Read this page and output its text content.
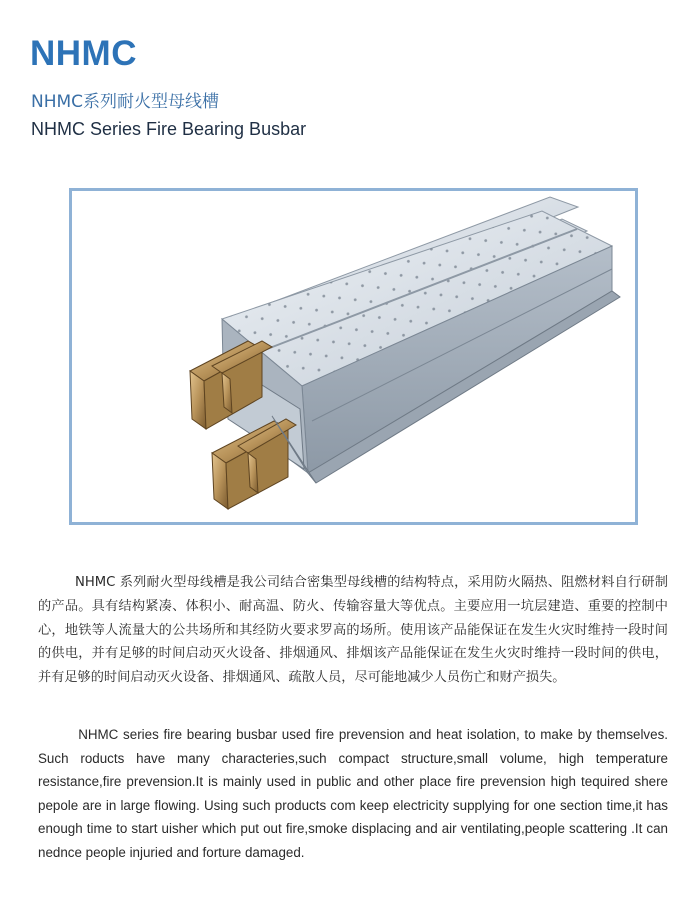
NHMC
NHMC系列耐火型母线槽
NHMC Series Fire Bearing Busbar

NHMC 系列耐火型母线槽是我公司结合密集型母线槽的结构特点，采用防火隔热、阻燃材料自行研制的产品。具有结构紧凑、体积小、耐高温、防火、传输容量大等优点。主要应用一坑层建造、重要的控制中心，地铁等人流量大的公共场所和其经防火要求罗高的场所。使用该产品能保证在发生火灾时维持一段时间的供电，并有足够的时间启动灭火设备、排烟通风、排烟该产品能保证在发生火灾时维持一段时间的供电，并有足够的时间启动灭火设备、排烟通风、疏散人员，尽可能地减少人员伤亡和财产损失。

NHMC series fire bearing busbar used fire prevension and heat isolation, to make by themselves. Such roducts have many characteries,such compact structure,small volume, high temperature resistance,fire prevension.It is mainly used in public and other place fire prevension high tequired shere pepole are in large flowing. Using such products com keep electricity supplying for one section time,it has enough time to start uisher which put out fire,smoke displacing and air ventilating,people scattering .It can nednce people injuried and forture damaged.
